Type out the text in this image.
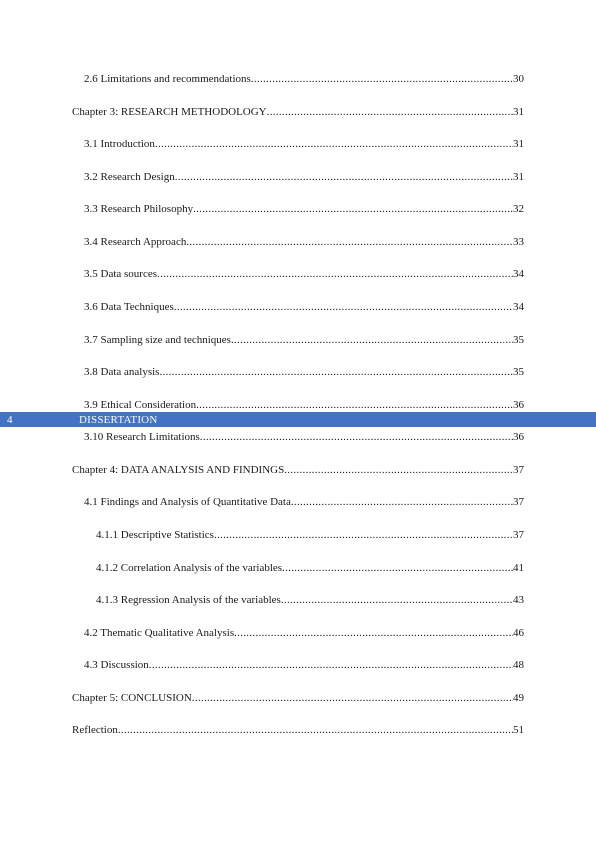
2.6 Limitations and recommendations .....	30
Chapter 3: RESEARCH METHODOLOGY .....	31
3.1 Introduction .....	31
3.2 Research Design .....	31
3.3 Research Philosophy .....	32
3.4 Research Approach .....	33
3.5 Data sources .....	34
3.6 Data Techniques .....	34
3.7 Sampling size and techniques .....	35
3.8 Data analysis .....	35
3.9 Ethical Consideration .....	36
4	DISSERTATION
3.10 Research Limitations .....	36
Chapter 4: DATA ANALYSIS AND FINDINGS .....	37
4.1 Findings and Analysis of Quantitative Data .....	37
4.1.1 Descriptive Statistics .....	37
4.1.2 Correlation Analysis of the variables .....	41
4.1.3 Regression Analysis of the variables .....	43
4.2 Thematic Qualitative Analysis .....	46
4.3 Discussion .....	48
Chapter 5: CONCLUSION .....	49
Reflection .....	51
